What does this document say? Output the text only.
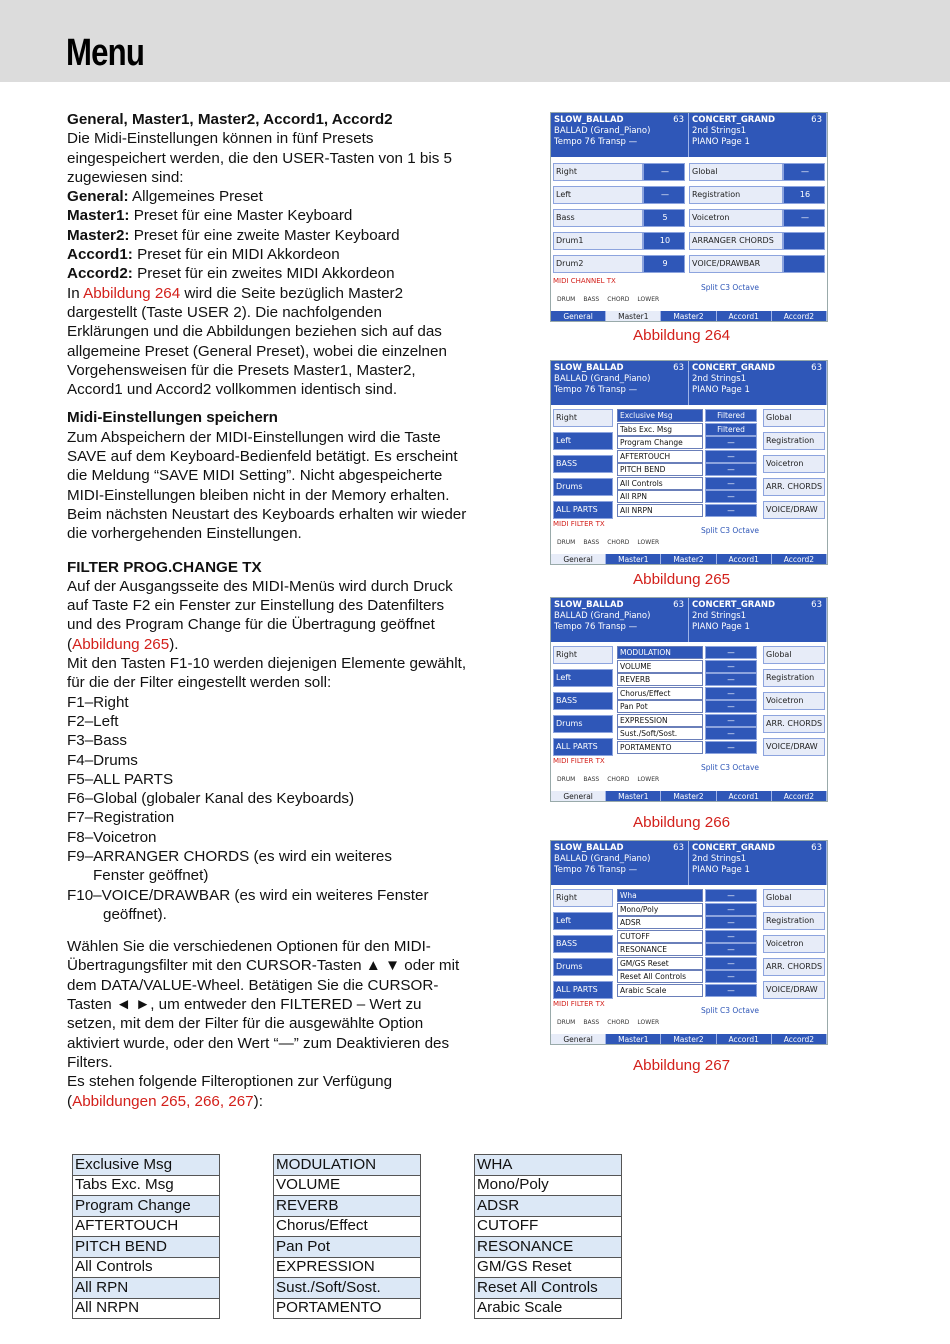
Menu
General, Master1, Master2, Accord1, Accord2
Die Midi-Einstellungen können in fünf Presets eingespeichert werden, die den USER-Tasten von 1 bis 5 zugewiesen sind:
General: Allgemeines Preset
Master1: Preset für eine Master Keyboard
Master2: Preset für eine zweite Master Keyboard
Accord1: Preset für ein MIDI Akkordeon
Accord2: Preset für ein zweites MIDI Akkordeon
In Abbildung 264 wird die Seite bezüglich Master2 dargestellt (Taste USER 2). Die nachfolgenden Erklärungen und die Abbildungen beziehen sich auf das allgemeine Preset (General Preset), wobei die einzelnen Vorgehensweisen für die Presets Master1, Master2, Accord1 und Accord2 vollkommen identisch sind.
Midi-Einstellungen speichern
Zum Abspeichern der MIDI-Einstellungen wird die Taste SAVE auf dem Keyboard-Bedienfeld betätigt. Es erscheint die Meldung “SAVE MIDI Setting”. Nicht abgespeicherte MIDI-Einstellungen bleiben nicht in der Memory erhalten. Beim nächsten Neustart des Keyboards erhalten wir wieder die vorhergehenden Einstellungen.
FILTER PROG.CHANGE TX
Auf der Ausgangsseite des MIDI-Menüs wird durch Druck auf Taste F2 ein Fenster zur Einstellung des Datenfilters und des Program Change für die Übertragung geöffnet (Abbildung 265).
Mit den Tasten F1-10 werden diejenigen Elemente gewählt, für die der Filter eingestellt werden soll:
F1–Right
F2–Left
F3–Bass
F4–Drums
F5–ALL PARTS
F6–Global (globaler Kanal des Keyboards)
F7–Registration
F8–Voicetron
F9–ARRANGER CHORDS (es wird ein weiteres
Fenster geöffnet)
F10–VOICE/DRAWBAR (es wird ein weiteres Fenster
geöffnet).
Wählen Sie die verschiedenen Optionen für den MIDI-Übertragungsfilter mit den CURSOR-Tasten ▲ ▼ oder mit dem DATA/VALUE-Wheel. Betätigen Sie die CURSOR-Tasten ◄ ►, um entweder den FILTERED – Wert zu setzen, mit dem der Filter für die ausgewählte Option aktiviert wurde, oder den Wert “—” zum Deaktivieren des Filters.
Es stehen folgende Filteroptionen zur Verfügung (Abbildungen 265, 266, 267):
Exclusive Msg
Tabs Exc. Msg
Program Change
AFTERTOUCH
PITCH BEND
All Controls
All RPN
All NRPN
MODULATION
VOLUME
REVERB
Chorus/Effect
Pan Pot
EXPRESSION
Sust./Soft/Sost.
PORTAMENTO
WHA
Mono/Poly
ADSR
CUTOFF
RESONANCE
GM/GS Reset
Reset All Controls
Arabic Scale
SLOW_BALLAD	63
BALLAD (Grand_Piano)
Tempo 76 Transp —
CONCERT_GRAND	63
2nd Strings1
PIANO Page 1
Right	—	Global	—
Left	—	Registration	16
Bass	5	Voicetron	—
Drum1	10	ARRANGER CHORDS
Drum2	9	VOICE/DRAWBAR
MIDI CHANNEL TX
Split C3 Octave
DRUM BASS CHORD LOWER
General	Master1	Master2	Accord1	Accord2
Abbildung 264
SLOW_BALLAD	63
BALLAD (Grand_Piano)
Tempo 76 Transp —
CONCERT_GRAND	63
2nd Strings1
PIANO Page 1
Right
Left
BASS
Drums
ALL PARTS
Exclusive Msg	Filtered
Tabs Exc. Msg	Filtered
Program Change	—
AFTERTOUCH	—
PITCH BEND	—
All Controls	—
All RPN	—
All NRPN	—
Global
Registration
Voicetron
ARR. CHORDS
VOICE/DRAW
MIDI FILTER TX
Split C3 Octave
DRUM BASS CHORD LOWER
General	Master1	Master2	Accord1	Accord2
Abbildung 265
SLOW_BALLAD	63
BALLAD (Grand_Piano)
Tempo 76 Transp —
CONCERT_GRAND	63
2nd Strings1
PIANO Page 1
Right
Left
BASS
Drums
ALL PARTS
MODULATION	—
VOLUME	—
REVERB	—
Chorus/Effect	—
Pan Pot	—
EXPRESSION	—
Sust./Soft/Sost.	—
PORTAMENTO	—
Global
Registration
Voicetron
ARR. CHORDS
VOICE/DRAW
MIDI FILTER TX
Split C3 Octave
DRUM BASS CHORD LOWER
General	Master1	Master2	Accord1	Accord2
Abbildung 266
SLOW_BALLAD	63
BALLAD (Grand_Piano)
Tempo 76 Transp —
CONCERT_GRAND	63
2nd Strings1
PIANO Page 1
Right
Left
BASS
Drums
ALL PARTS
Wha	—
Mono/Poly	—
ADSR	—
CUTOFF	—
RESONANCE	—
GM/GS Reset	—
Reset All Controls	—
Arabic Scale	—
Global
Registration
Voicetron
ARR. CHORDS
VOICE/DRAW
MIDI FILTER TX
Split C3 Octave
DRUM BASS CHORD LOWER
General	Master1	Master2	Accord1	Accord2
Abbildung 267
